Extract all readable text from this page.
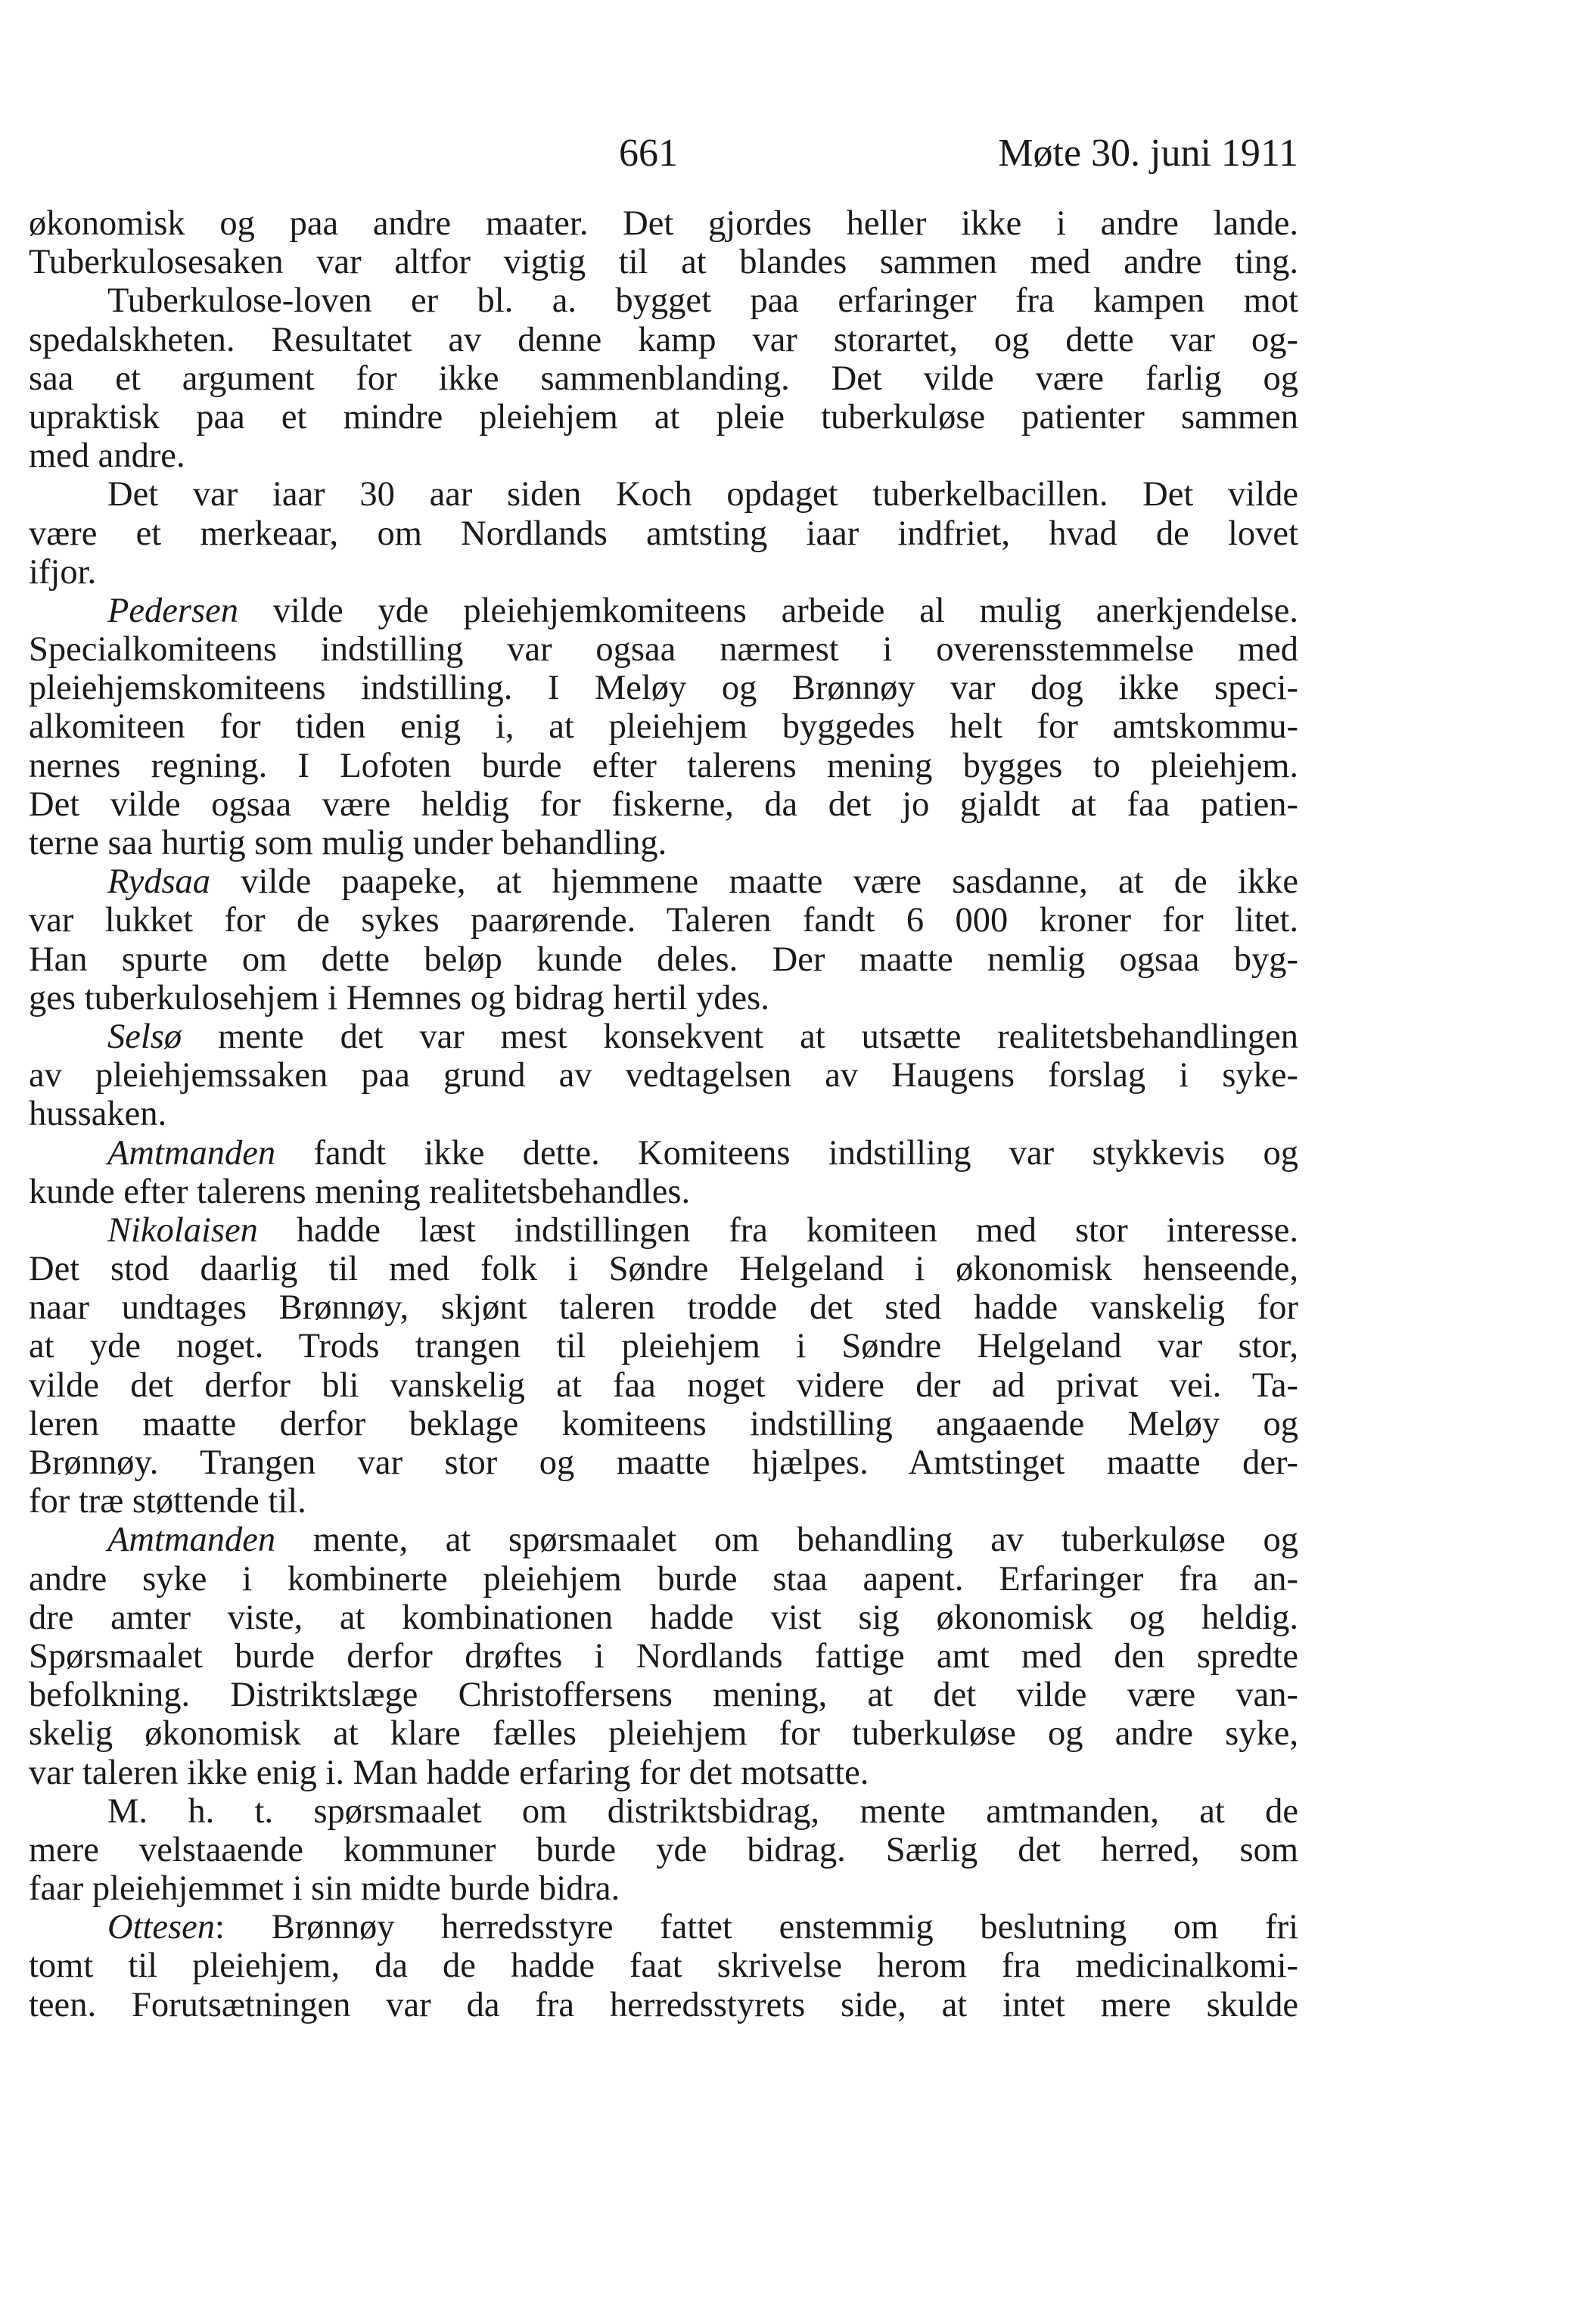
661	Møte 30. juni 1911
økonomisk og paa andre maater. Det gjordes heller ikke i andre lande.
Tuberkulosesaken var altfor vigtig til at blandes sammen med andre ting.
Tuberkulose-loven er bl. a. bygget paa erfaringer fra kampen mot
spedalskheten. Resultatet av denne kamp var storartet, og dette var og-
saa et argument for ikke sammenblanding. Det vilde være farlig og
upraktisk paa et mindre pleiehjem at pleie tuberkuløse patienter sammen
med andre.
Det var iaar 30 aar siden Koch opdaget tuberkelbacillen. Det vilde
være et merkeaar, om Nordlands amtsting iaar indfriet, hvad de lovet
ifjor.
Pedersen vilde yde pleiehjemkomiteens arbeide al mulig anerkjendelse.
Specialkomiteens indstilling var ogsaa nærmest i overensstemmelse med
pleiehjemskomiteens indstilling. I Meløy og Brønnøy var dog ikke speci-
alkomiteen for tiden enig i, at pleiehjem byggedes helt for amtskommu-
nernes regning. I Lofoten burde efter talerens mening bygges to pleiehjem.
Det vilde ogsaa være heldig for fiskerne, da det jo gjaldt at faa patien-
terne saa hurtig som mulig under behandling.
Rydsaa vilde paapeke, at hjemmene maatte være sasdanne, at de ikke
var lukket for de sykes paarørende. Taleren fandt 6 000 kroner for litet.
Han spurte om dette beløp kunde deles. Der maatte nemlig ogsaa byg-
ges tuberkulosehjem i Hemnes og bidrag hertil ydes.
Selsø mente det var mest konsekvent at utsætte realitetsbehandlingen
av pleiehjemssaken paa grund av vedtagelsen av Haugens forslag i syke-
hussaken.
Amtmanden fandt ikke dette. Komiteens indstilling var stykkevis og
kunde efter talerens mening realitetsbehandles.
Nikolaisen hadde læst indstillingen fra komiteen med stor interesse.
Det stod daarlig til med folk i Søndre Helgeland i økonomisk henseende,
naar undtages Brønnøy, skjønt taleren trodde det sted hadde vanskelig for
at yde noget. Trods trangen til pleiehjem i Søndre Helgeland var stor,
vilde det derfor bli vanskelig at faa noget videre der ad privat vei. Ta-
leren maatte derfor beklage komiteens indstilling angaaende Meløy og
Brønnøy. Trangen var stor og maatte hjælpes. Amtstinget maatte der-
for træ støttende til.
Amtmanden mente, at spørsmaalet om behandling av tuberkuløse og
andre syke i kombinerte pleiehjem burde staa aapent. Erfaringer fra an-
dre amter viste, at kombinationen hadde vist sig økonomisk og heldig.
Spørsmaalet burde derfor drøftes i Nordlands fattige amt med den spredte
befolkning. Distriktslæge Christoffersens mening, at det vilde være van-
skelig økonomisk at klare fælles pleiehjem for tuberkuløse og andre syke,
var taleren ikke enig i. Man hadde erfaring for det motsatte.
M. h. t. spørsmaalet om distriktsbidrag, mente amtmanden, at de
mere velstaaende kommuner burde yde bidrag. Særlig det herred, som
faar pleiehjemmet i sin midte burde bidra.
Ottesen: Brønnøy herredsstyre fattet enstemmig beslutning om fri
tomt til pleiehjem, da de hadde faat skrivelse herom fra medicinalkomi-
teen. Forutsætningen var da fra herredsstyrets side, at intet mere skulde
